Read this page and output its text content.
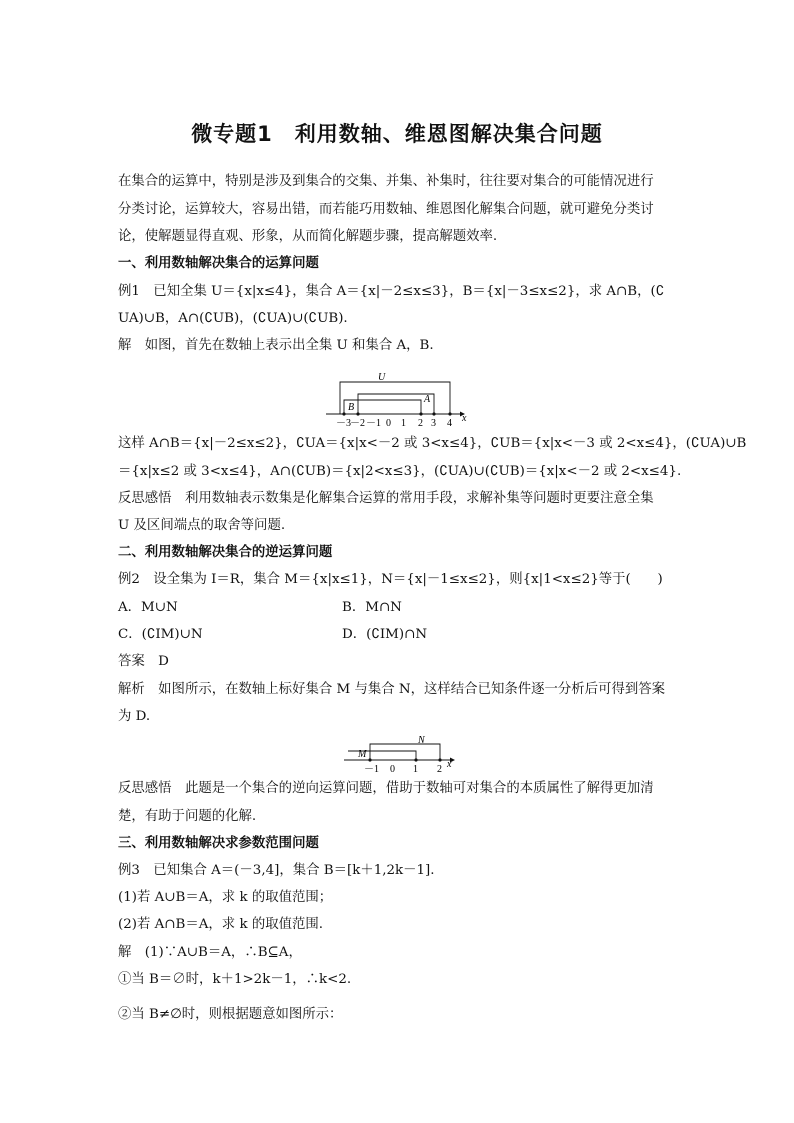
微专题1　利用数轴、维恩图解决集合问题
在集合的运算中，特别是涉及到集合的交集、并集、补集时，往往要对集合的可能情况进行
分类讨论，运算较大，容易出错，而若能巧用数轴、维恩图化解集合问题，就可避免分类讨
论，使解题显得直观、形象，从而简化解题步骤，提高解题效率.
一、利用数轴解决集合的运算问题
例1　已知全集 U＝{x|x≤4}，集合 A＝{x|－2≤x≤3}，B＝{x|－3≤x≤2}，求 A∩B，(∁
UA)∪B，A∩(∁UB)，(∁UA)∪(∁UB).
解　如图，首先在数轴上表示出全集 U 和集合 A，B.
x
U
A
B
－3 －2 －1 0 1 2 3 4
这样 A∩B＝{x|－2≤x≤2}，∁UA＝{x|x<－2 或 3<x≤4}，∁UB＝{x|x<－3 或 2<x≤4}，(∁UA)∪B
＝{x|x≤2 或 3<x≤4}，A∩(∁UB)＝{x|2<x≤3}，(∁UA)∪(∁UB)＝{x|x<－2 或 2<x≤4}.
反思感悟　利用数轴表示数集是化解集合运算的常用手段，求解补集等问题时更要注意全集
U 及区间端点的取舍等问题.
二、利用数轴解决集合的逆运算问题
例2　设全集为 I＝R，集合 M＝{x|x≤1}，N＝{x|－1≤x≤2}，则{x|1<x≤2}等于(　　)
A．M∪N	B．M∩N
C．(∁IM)∪N	D．(∁IM)∩N
答案　D
解析　如图所示，在数轴上标好集合 M 与集合 N，这样结合已知条件逐一分析后可得到答案
为 D.
x
M
N
－1 0 1 2
反思感悟　此题是一个集合的逆向运算问题，借助于数轴可对集合的本质属性了解得更加清
楚，有助于问题的化解.
三、利用数轴解决求参数范围问题
例3　已知集合 A＝(－3,4]，集合 B＝[k＋1,2k－1].
(1)若 A∪B＝A，求 k 的取值范围；
(2)若 A∩B＝A，求 k 的取值范围.
解　(1)∵A∪B＝A，∴B⊆A，
①当 B＝∅时，k＋1>2k－1，∴k<2.
②当 B≠∅时，则根据题意如图所示：
